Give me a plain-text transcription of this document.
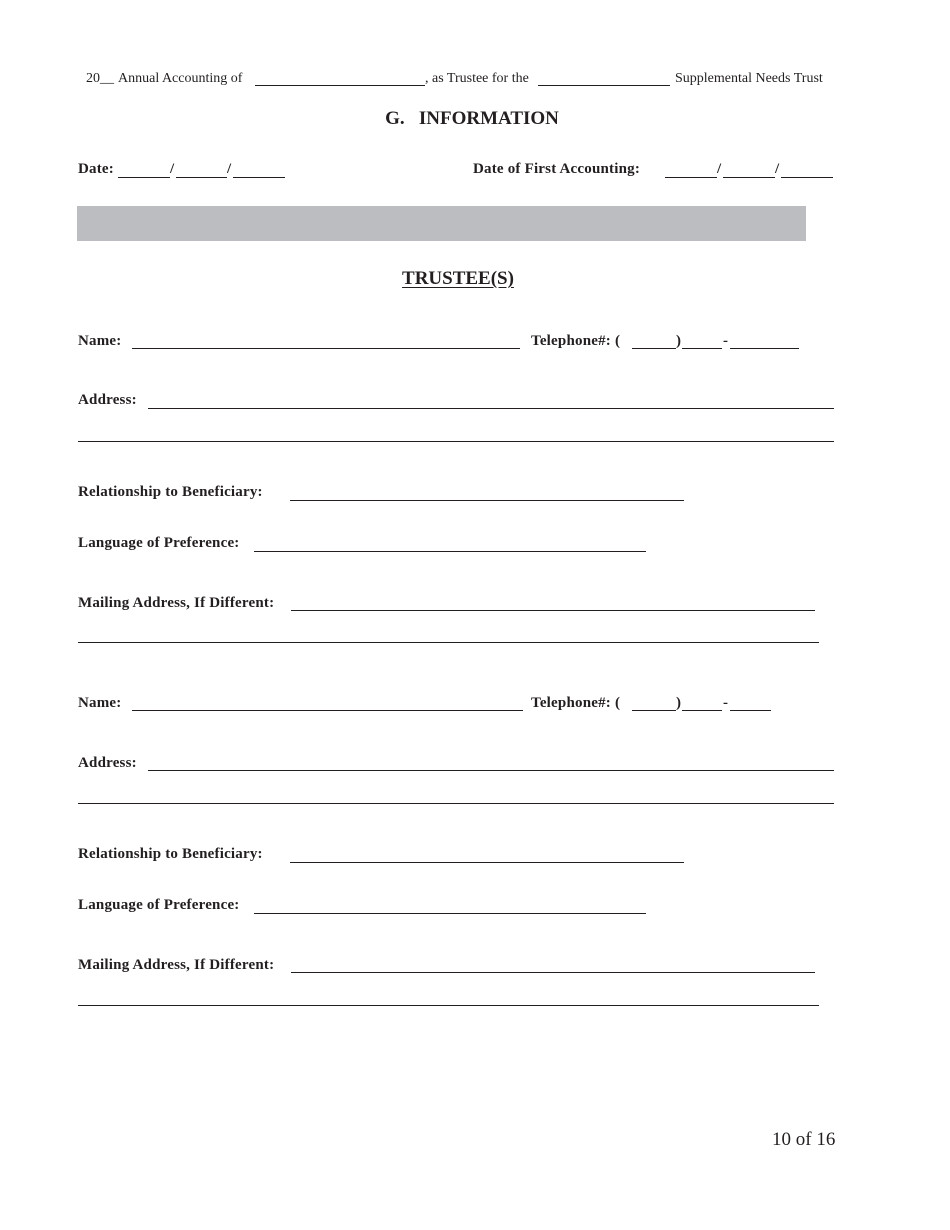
20__ Annual Accounting of	, as Trustee for the	Supplemental Needs Trust
G.   INFORMATION
Date:	/	/	Date of First Accounting:	/	/
TRUSTEE(S)
Name:	Telephone#: (	)	-
Address:
Relationship to Beneficiary:
Language of Preference:
Mailing Address, If Different:
Name:	Telephone#: (	)	-
Address:
Relationship to Beneficiary:
Language of Preference:
Mailing Address, If Different:
10 of 16
